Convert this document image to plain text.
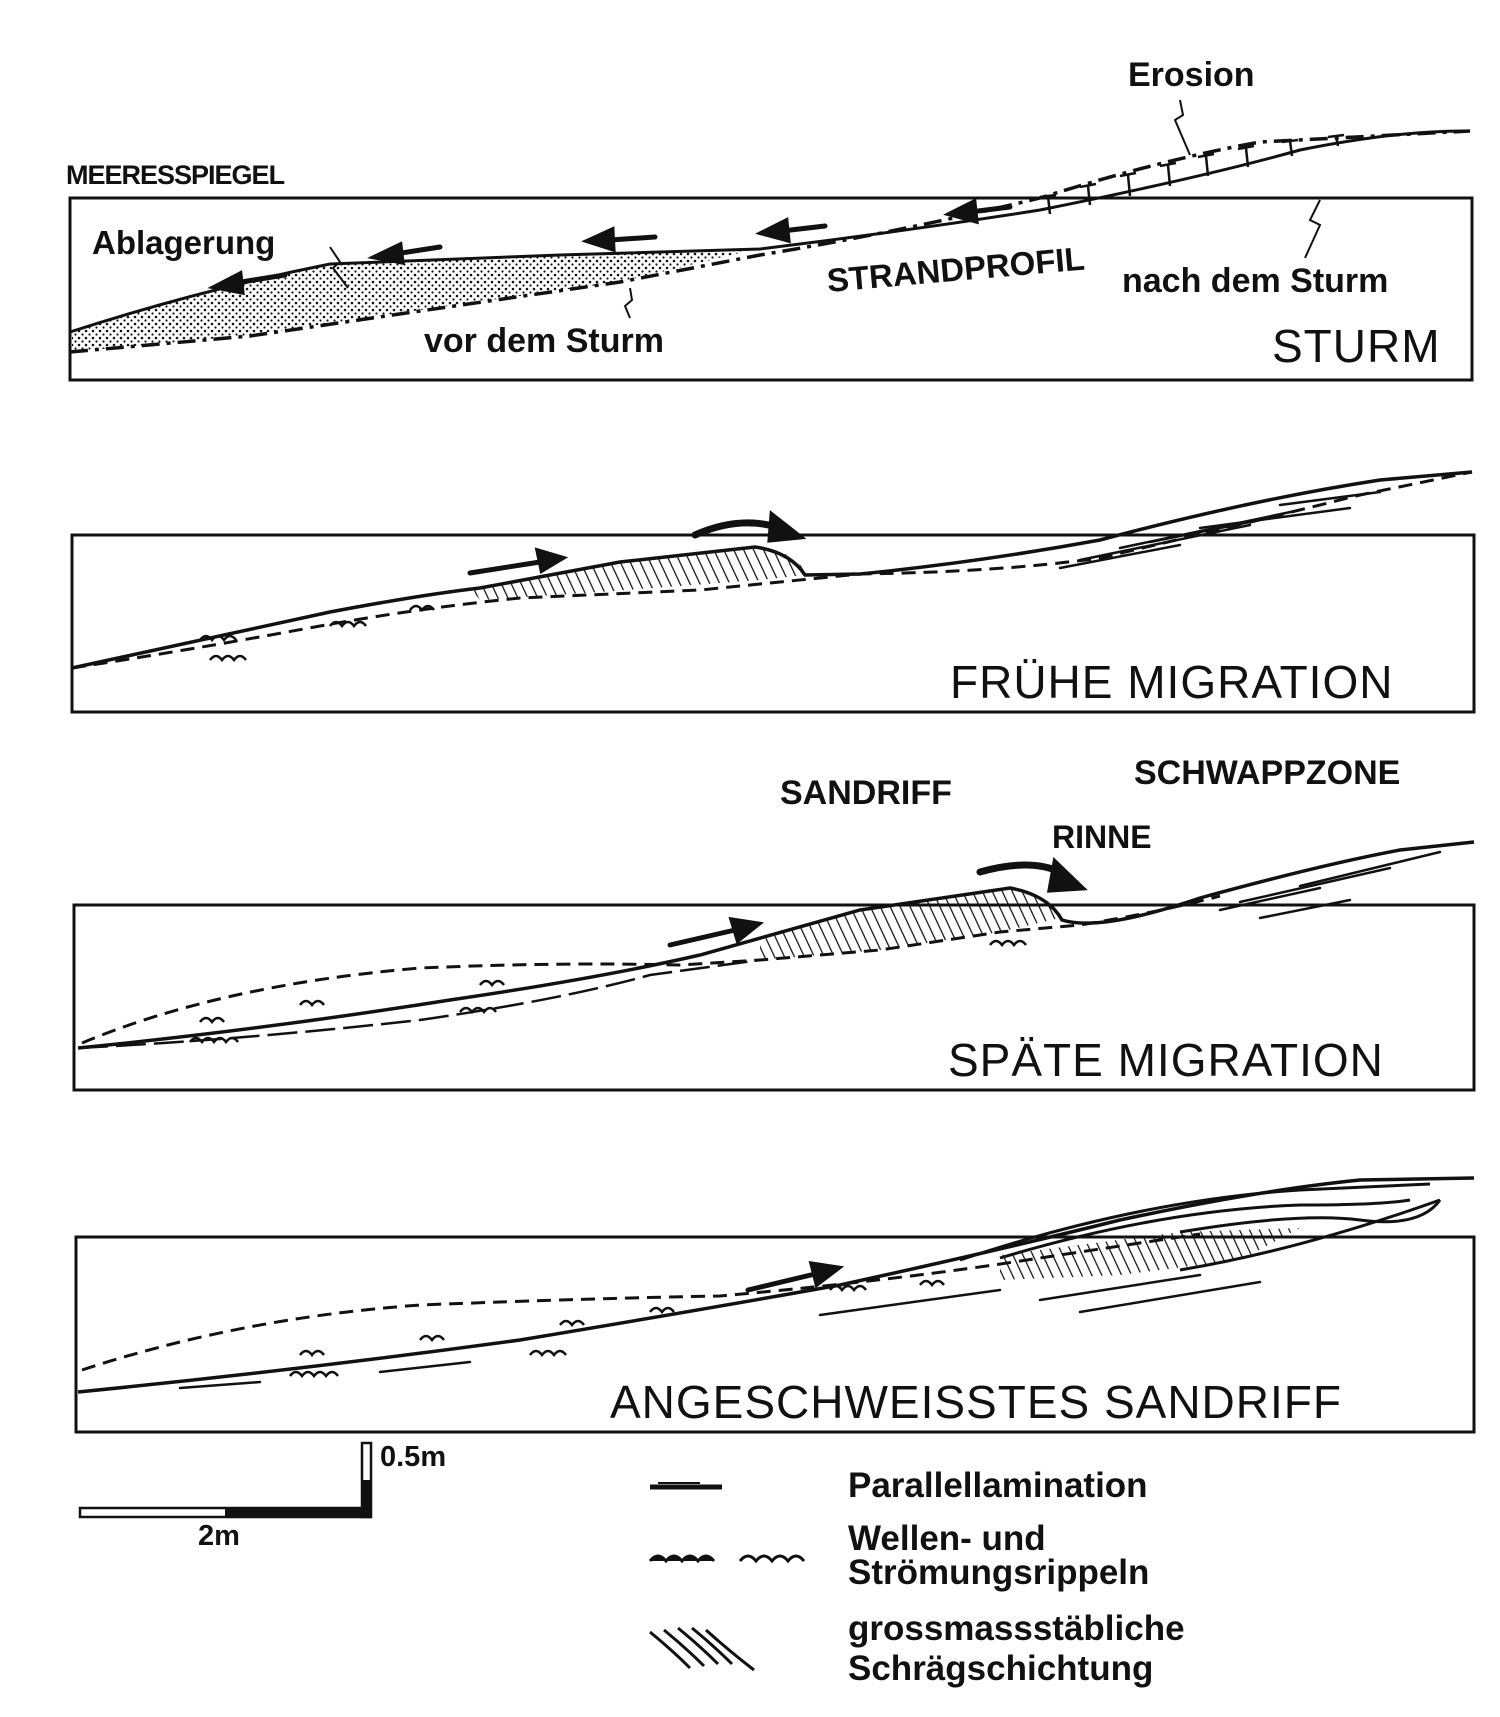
MEERESSPIEGEL
Erosion
Ablagerung	STRANDPROFIL nach dem Sturm
vor dem Sturm	STURM
FRÜHE MIGRATION
SANDRIFF
SCHWAPPZONE
RINNE
SPÄTE MIGRATION
ANGESCHWEISSTES SANDRIFF
0.5m
2m
Parallellamination
Wellen- und
Strömungsrippeln
grossmassstäbliche
Schrägschichtung
